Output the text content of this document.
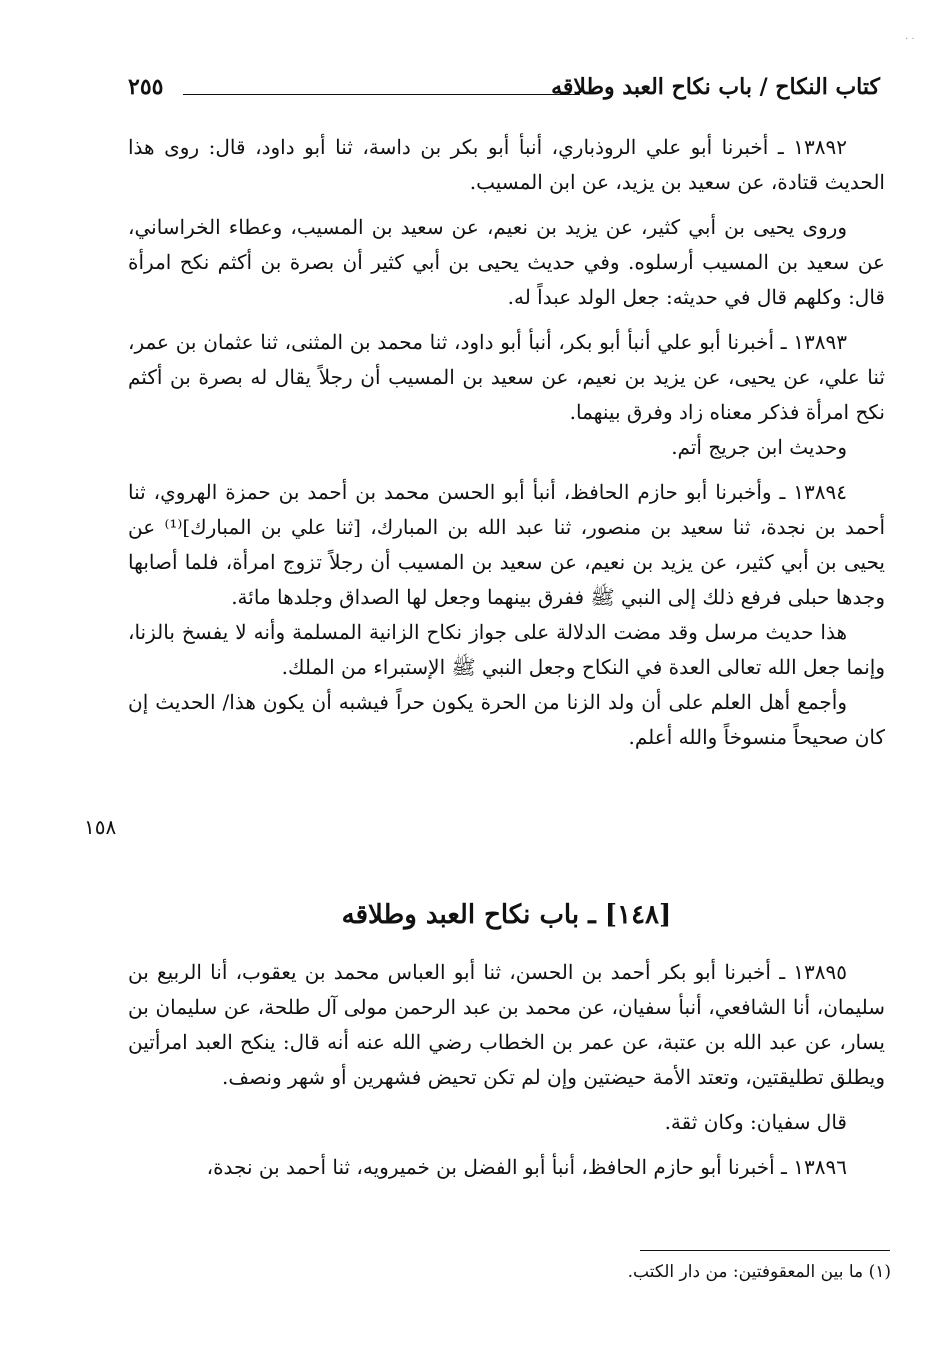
· ·
كتاب النكاح / باب نكاح العبد وطلاقه
٢٥٥

١٣٨٩٢ ـ أخبرنا أبو علي الروذباري، أنبأ أبو بكر بن داسة، ثنا أبو داود، قال: روى هذا الحديث قتادة، عن سعيد بن يزيد، عن ابن المسيب.

وروى يحيى بن أبي كثير، عن يزيد بن نعيم، عن سعيد بن المسيب، وعطاء الخراساني، عن سعيد بن المسيب أرسلوه. وفي حديث يحيى بن أبي كثير أن بصرة بن أكثم نكح امرأة قال: وكلهم قال في حديثه: جعل الولد عبداً له.

١٣٨٩٣ ـ أخبرنا أبو علي أنبأ أبو بكر، أنبأ أبو داود، ثنا محمد بن المثنى، ثنا عثمان بن عمر، ثنا علي، عن يحيى، عن يزيد بن نعيم، عن سعيد بن المسيب أن رجلاً يقال له بصرة بن أكثم نكح امرأة فذكر معناه زاد وفرق بينهما.

وحديث ابن جريج أتم.

١٣٨٩٤ ـ وأخبرنا أبو حازم الحافظ، أنبأ أبو الحسن محمد بن أحمد بن حمزة الهروي، ثنا أحمد بن نجدة، ثنا سعيد بن منصور، ثنا عبد الله بن المبارك، [ثنا علي بن المبارك]⁽¹⁾ عن يحيى بن أبي كثير، عن يزيد بن نعيم، عن سعيد بن المسيب أن رجلاً تزوج امرأة، فلما أصابها وجدها حبلى فرفع ذلك إلى النبي ﷺ ففرق بينهما وجعل لها الصداق وجلدها مائة.

هذا حديث مرسل وقد مضت الدلالة على جواز نكاح الزانية المسلمة وأنه لا يفسخ بالزنا، وإنما جعل الله تعالى العدة في النكاح وجعل النبي ﷺ الإستبراء من الملك.

وأجمع أهل العلم على أن ولد الزنا من الحرة يكون حراً فيشبه أن يكون هذا/ الحديث إن كان صحيحاً منسوخاً والله أعلم.

١٥٨
[١٤٨] ـ باب نكاح العبد وطلاقه

١٣٨٩٥ ـ أخبرنا أبو بكر أحمد بن الحسن، ثنا أبو العباس محمد بن يعقوب، أنا الربيع بن سليمان، أنا الشافعي، أنبأ سفيان، عن محمد بن عبد الرحمن مولى آل طلحة، عن سليمان بن يسار، عن عبد الله بن عتبة، عن عمر بن الخطاب رضي الله عنه أنه قال: ينكح العبد امرأتين ويطلق تطليقتين، وتعتد الأمة حيضتين وإن لم تكن تحيض فشهرين أو شهر ونصف.

قال سفيان: وكان ثقة.

١٣٨٩٦ ـ أخبرنا أبو حازم الحافظ، أنبأ أبو الفضل بن خميرويه، ثنا أحمد بن نجدة،

(١) ما بين المعقوفتين: من دار الكتب.
